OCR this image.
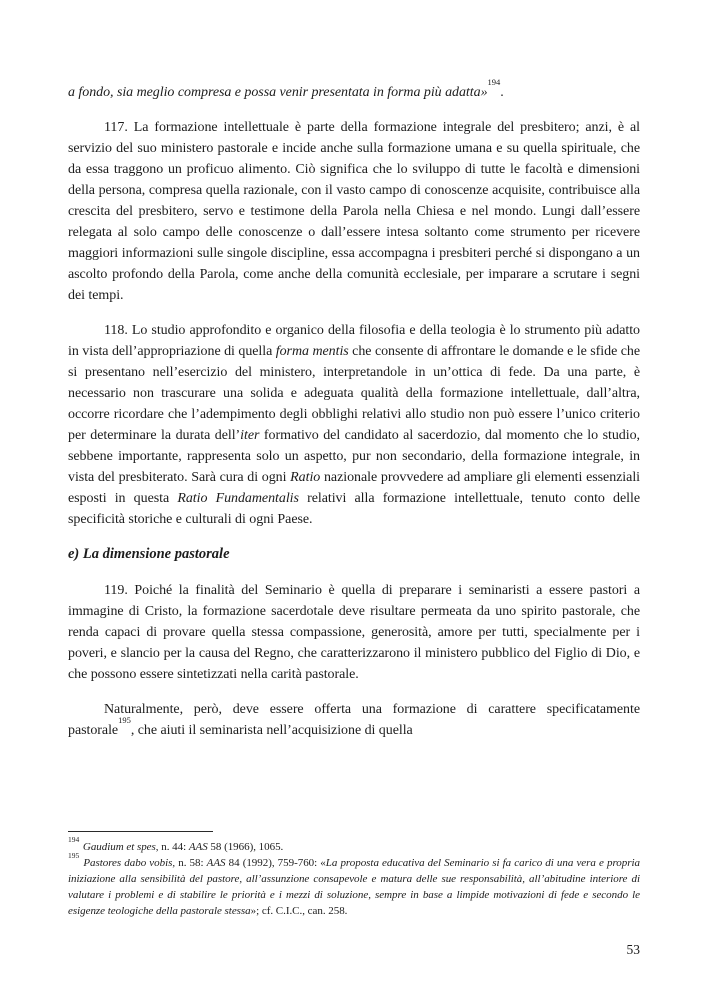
a fondo, sia meglio compresa e possa venir presentata in forma più adatta»$^{194}$.

117. La formazione intellettuale è parte della formazione integrale del presbitero; anzi, è al servizio del suo ministero pastorale e incide anche sulla formazione umana e su quella spirituale, che da essa traggono un proficuo alimento. Ciò significa che lo sviluppo di tutte le facoltà e dimensioni della persona, compresa quella razionale, con il vasto campo di conoscenze acquisite, contribuisce alla crescita del presbitero, servo e testimone della Parola nella Chiesa e nel mondo. Lungi dall’essere relegata al solo campo delle conoscenze o dall’essere intesa soltanto come strumento per ricevere maggiori informazioni sulle singole discipline, essa accompagna i presbiteri perché si dispongano a un ascolto profondo della Parola, come anche della comunità ecclesiale, per imparare a scrutare i segni dei tempi.

118. Lo studio approfondito e organico della filosofia e della teologia è lo strumento più adatto in vista dell’appropriazione di quella forma mentis che consente di affrontare le domande e le sfide che si presentano nell’esercizio del ministero, interpretandole in un’ottica di fede. Da una parte, è necessario non trascurare una solida e adeguata qualità della formazione intellettuale, dall’altra, occorre ricordare che l’adempimento degli obblighi relativi allo studio non può essere l’unico criterio per determinare la durata dell’iter formativo del candidato al sacerdozio, dal momento che lo studio, sebbene importante, rappresenta solo un aspetto, pur non secondario, della formazione integrale, in vista del presbiterato. Sarà cura di ogni Ratio nazionale provvedere ad ampliare gli elementi essenziali esposti in questa Ratio Fundamentalis relativi alla formazione intellettuale, tenuto conto delle specificità storiche e culturali di ogni Paese.

e) La dimensione pastorale

119. Poiché la finalità del Seminario è quella di preparare i seminaristi a essere pastori a immagine di Cristo, la formazione sacerdotale deve risultare permeata da uno spirito pastorale, che renda capaci di provare quella stessa compassione, generosità, amore per tutti, specialmente per i poveri, e slancio per la causa del Regno, che caratterizzarono il ministero pubblico del Figlio di Dio, e che possono essere sintetizzati nella carità pastorale.

Naturalmente, però, deve essere offerta una formazione di carattere specificatamente pastorale$^{195}$, che aiuti il seminarista nell’acquisizione di quella

$^{194}$ Gaudium et spes, n. 44: AAS 58 (1966), 1065.

$^{195}$ Pastores dabo vobis, n. 58: AAS 84 (1992), 759-760: «La proposta educativa del Seminario si fa carico di una vera e propria iniziazione alla sensibilità del pastore, all’assunzione consapevole e matura delle sue responsabilità, all’abitudine interiore di valutare i problemi e di stabilire le priorità e i mezzi di soluzione, sempre in base a limpide motivazioni di fede e secondo le esigenze teologiche della pastorale stessa»; cf. C.I.C., can. 258.

53
